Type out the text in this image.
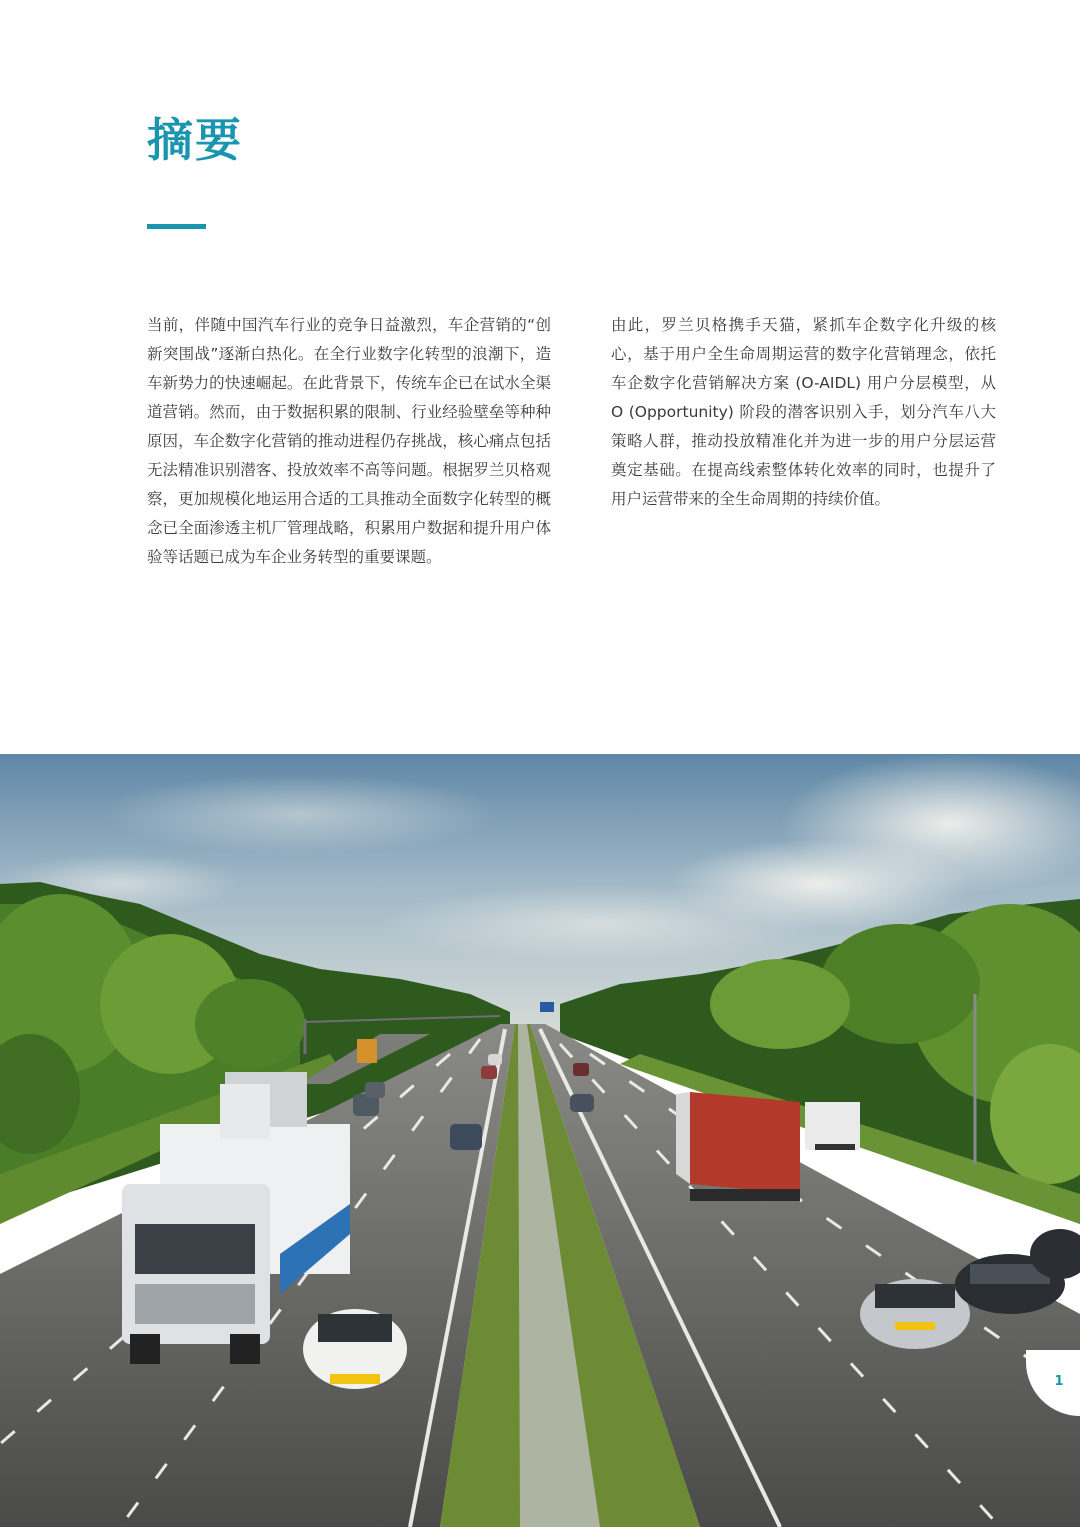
摘要

当前，伴随中国汽车行业的竞争日益激烈，车企营销的“创新突围战”逐渐白热化。在全行业数字化转型的浪潮下，造车新势力的快速崛起。在此背景下，传统车企已在试水全渠道营销。然而，由于数据积累的限制、行业经验壁垒等种种原因，车企数字化营销的推动进程仍存挑战，核心痛点包括无法精准识别潜客、投放效率不高等问题。根据罗兰贝格观察，更加规模化地运用合适的工具推动全面数字化转型的概念已全面渗透主机厂管理战略，积累用户数据和提升用户体验等话题已成为车企业务转型的重要课题。

由此，罗兰贝格携手天猫，紧抓车企数字化升级的核心，基于用户全生命周期运营的数字化营销理念，依托车企数字化营销解决方案 (O-AIDL) 用户分层模型，从 O (Opportunity) 阶段的潜客识别入手，划分汽车八大策略人群，推动投放精准化并为进一步的用户分层运营奠定基础。在提高线索整体转化效率的同时，也提升了用户运营带来的全生命周期的持续价值。

1
